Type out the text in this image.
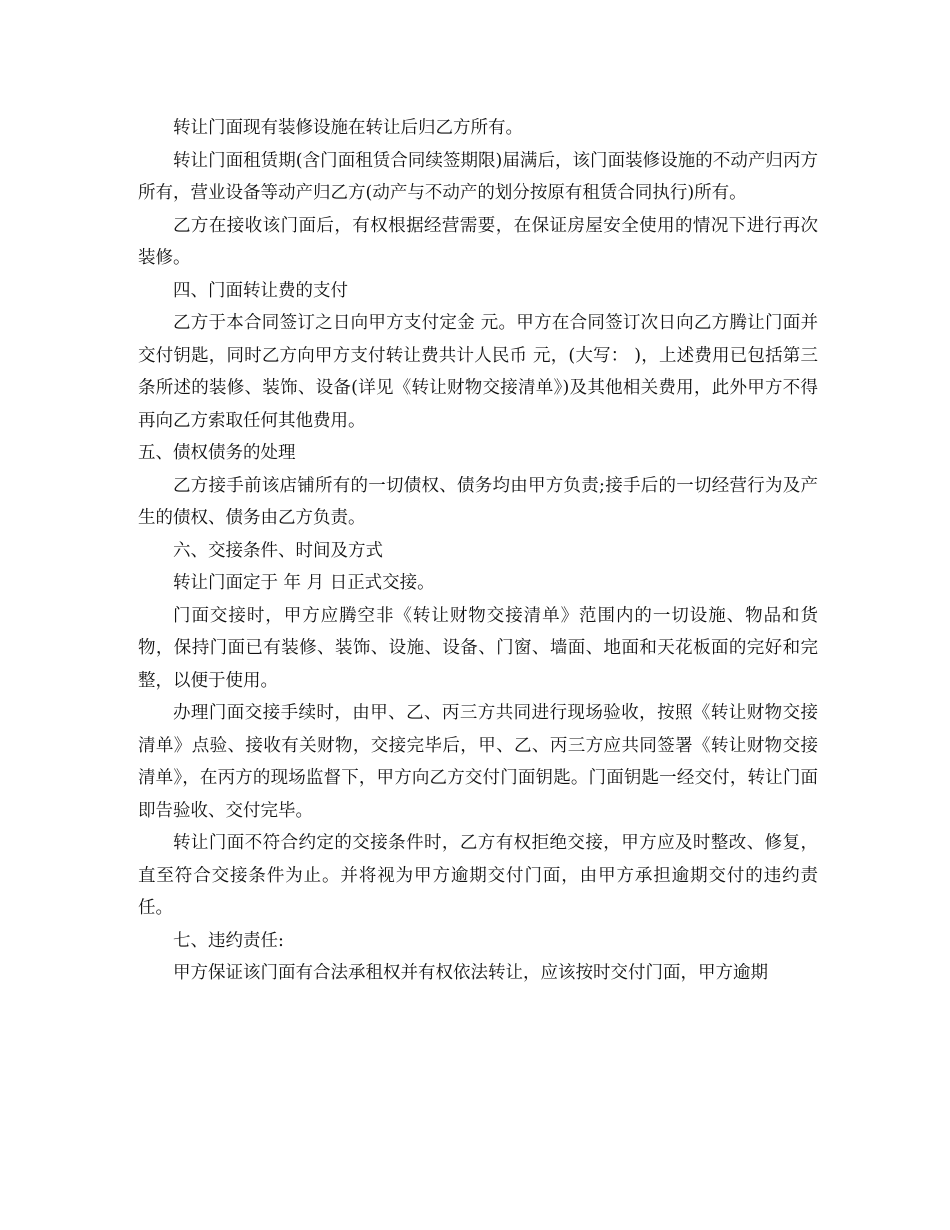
转让门面现有装修设施在转让后归乙方所有。

转让门面租赁期(含门面租赁合同续签期限)届满后，该门面装修设施的不动产归丙方所有，营业设备等动产归乙方(动产与不动产的划分按原有租赁合同执行)所有。

乙方在接收该门面后，有权根据经营需要，在保证房屋安全使用的情况下进行再次装修。

四、门面转让费的支付

乙方于本合同签订之日向甲方支付定金 元。甲方在合同签订次日向乙方腾让门面并交付钥匙，同时乙方向甲方支付转让费共计人民币 元，(大写： )，上述费用已包括第三条所述的装修、装饰、设备(详见《转让财物交接清单》)及其他相关费用，此外甲方不得再向乙方索取任何其他费用。

五、债权债务的处理

乙方接手前该店铺所有的一切债权、债务均由甲方负责;接手后的一切经营行为及产生的债权、债务由乙方负责。

六、交接条件、时间及方式

转让门面定于 年 月 日正式交接。

门面交接时，甲方应腾空非《转让财物交接清单》范围内的一切设施、物品和货物，保持门面已有装修、装饰、设施、设备、门窗、墙面、地面和天花板面的完好和完整，以便于使用。

办理门面交接手续时，由甲、乙、丙三方共同进行现场验收，按照《转让财物交接清单》点验、接收有关财物，交接完毕后，甲、乙、丙三方应共同签署《转让财物交接清单》，在丙方的现场监督下，甲方向乙方交付门面钥匙。门面钥匙一经交付，转让门面即告验收、交付完毕。

转让门面不符合约定的交接条件时，乙方有权拒绝交接，甲方应及时整改、修复，直至符合交接条件为止。并将视为甲方逾期交付门面，由甲方承担逾期交付的违约责任。

七、违约责任:

甲方保证该门面有合法承租权并有权依法转让，应该按时交付门面，甲方逾期
